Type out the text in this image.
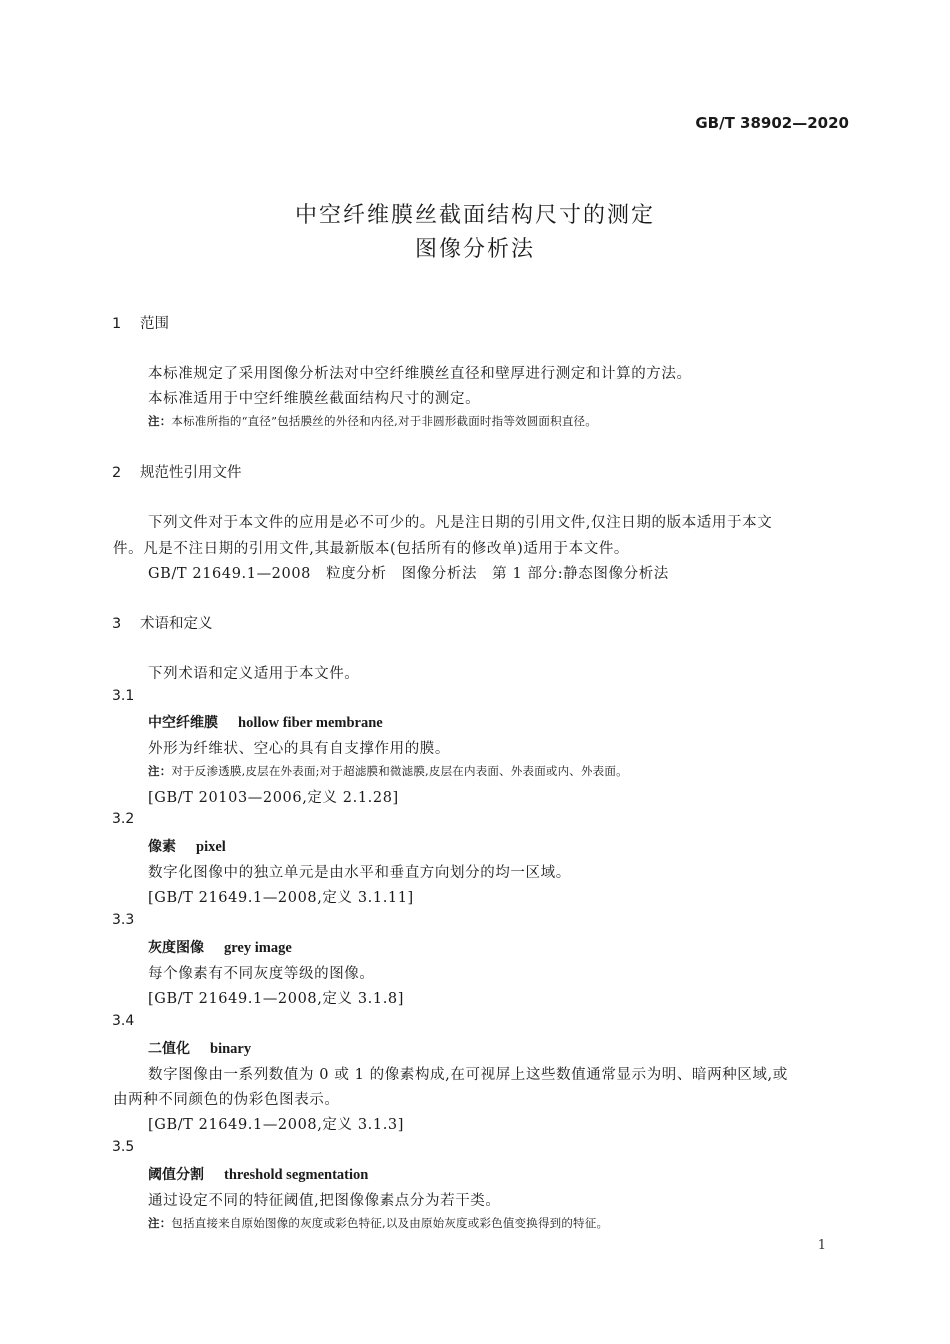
GB/T 38902—2020
中空纤维膜丝截面结构尺寸的测定
图像分析法
1 范围
本标准规定了采用图像分析法对中空纤维膜丝直径和壁厚进行测定和计算的方法。
本标准适用于中空纤维膜丝截面结构尺寸的测定。
注：本标准所指的“直径”包括膜丝的外径和内径,对于非圆形截面时指等效圆面积直径。
2 规范性引用文件
下列文件对于本文件的应用是必不可少的。凡是注日期的引用文件,仅注日期的版本适用于本文
件。凡是不注日期的引用文件,其最新版本(包括所有的修改单)适用于本文件。
GB/T 21649.1—2008　粒度分析　图像分析法　第 1 部分:静态图像分析法
3 术语和定义
下列术语和定义适用于本文件。
3.1
中空纤维膜 hollow fiber membrane
外形为纤维状、空心的具有自支撑作用的膜。
注：对于反渗透膜,皮层在外表面;对于超滤膜和微滤膜,皮层在内表面、外表面或内、外表面。
[GB/T 20103—2006,定义 2.1.28]
3.2
像素 pixel
数字化图像中的独立单元是由水平和垂直方向划分的均一区域。
[GB/T 21649.1—2008,定义 3.1.11]
3.3
灰度图像 grey image
每个像素有不同灰度等级的图像。
[GB/T 21649.1—2008,定义 3.1.8]
3.4
二值化 binary
数字图像由一系列数值为 0 或 1 的像素构成,在可视屏上这些数值通常显示为明、暗两种区域,或
由两种不同颜色的伪彩色图表示。
[GB/T 21649.1—2008,定义 3.1.3]
3.5
阈值分割 threshold segmentation
通过设定不同的特征阈值,把图像像素点分为若干类。
注：包括直接来自原始图像的灰度或彩色特征,以及由原始灰度或彩色值变换得到的特征。
1
